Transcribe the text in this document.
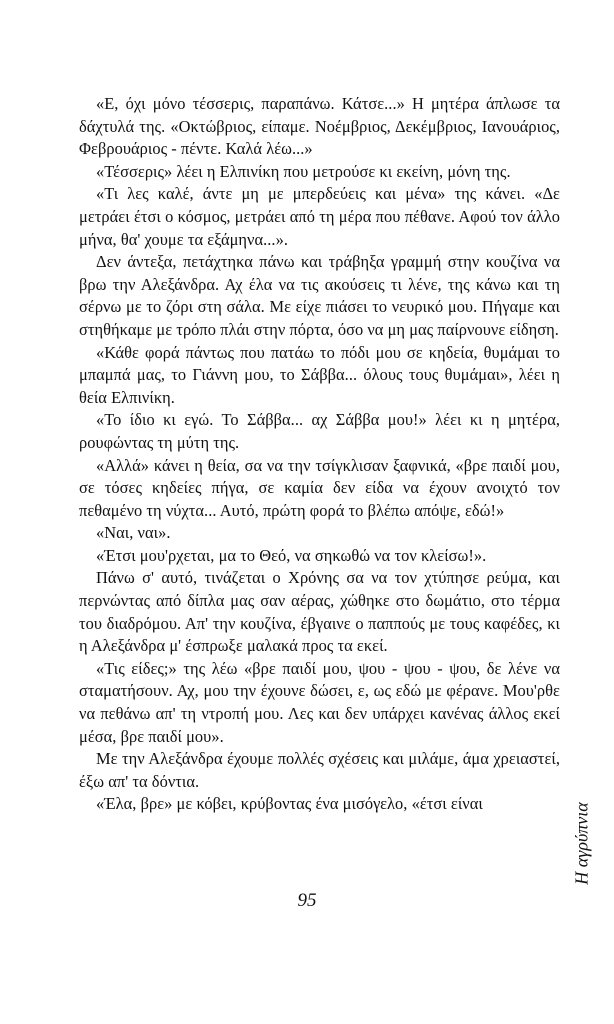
«Ε, όχι μόνο τέσσερις, παραπάνω. Κάτσε...» Η μητέρα άπλωσε τα δάχτυλά της. «Οκτώβριος, είπαμε. Νοέμβριος, Δεκέμβριος, Ιανουάριος, Φεβρουάριος - πέντε. Καλά λέω...»

«Τέσσερις» λέει η Ελπινίκη που μετρούσε κι εκείνη, μόνη της.

«Τι λες καλέ, άντε μη με μπερδεύεις και μένα» της κάνει. «Δε μετράει έτσι ο κόσμος, μετράει από τη μέρα που πέθανε. Αφού τον άλλο μήνα, θα' χουμε τα εξάμηνα...».

Δεν άντεξα, πετάχτηκα πάνω και τράβηξα γραμμή στην κουζίνα να βρω την Αλεξάνδρα. Αχ έλα να τις ακούσεις τι λένε, της κάνω και τη σέρνω με το ζόρι στη σάλα. Με είχε πιάσει το νευρικό μου. Πήγαμε και στηθήκαμε με τρόπο πλάι στην πόρτα, όσο να μη μας παίρνουνε είδηση.

«Κάθε φορά πάντως που πατάω το πόδι μου σε κηδεία, θυμάμαι το μπαμπά μας, το Γιάννη μου, το Σάββα... όλους τους θυμάμαι», λέει η θεία Ελπινίκη.

«Το ίδιο κι εγώ. Το Σάββα... αχ Σάββα μου!» λέει κι η μητέρα, ρουφώντας τη μύτη της.

«Αλλά» κάνει η θεία, σα να την τσίγκλισαν ξαφνικά, «βρε παιδί μου, σε τόσες κηδείες πήγα, σε καμία δεν είδα να έχουν ανοιχτό τον πεθαμένο τη νύχτα... Αυτό, πρώτη φορά το βλέπω απόψε, εδώ!»

«Ναι, ναι».

«Έτσι μου'ρχεται, μα το Θεό, να σηκωθώ να τον κλείσω!».

Πάνω σ' αυτό, τινάζεται ο Χρόνης σα να τον χτύπησε ρεύμα, και περνώντας από δίπλα μας σαν αέρας, χώθηκε στο δωμάτιο, στο τέρμα του διαδρόμου. Απ' την κουζίνα, έβγαινε ο παππούς με τους καφέδες, κι η Αλεξάνδρα μ' έσπρωξε μαλακά προς τα εκεί.

«Τις είδες;» της λέω «βρε παιδί μου, ψου - ψου - ψου, δε λένε να σταματήσουν. Αχ, μου την έχουνε δώσει, ε, ως εδώ με φέρανε. Μου'ρθε να πεθάνω απ' τη ντροπή μου. Λες και δεν υπάρχει κανένας άλλος εκεί μέσα, βρε παιδί μου».

Με την Αλεξάνδρα έχουμε πολλές σχέσεις και μιλάμε, άμα χρειαστεί, έξω απ' τα δόντια.

«Έλα, βρε» με κόβει, κρύβοντας ένα μισόγελο, «έτσι είναι

95
Η αγρύπνια
